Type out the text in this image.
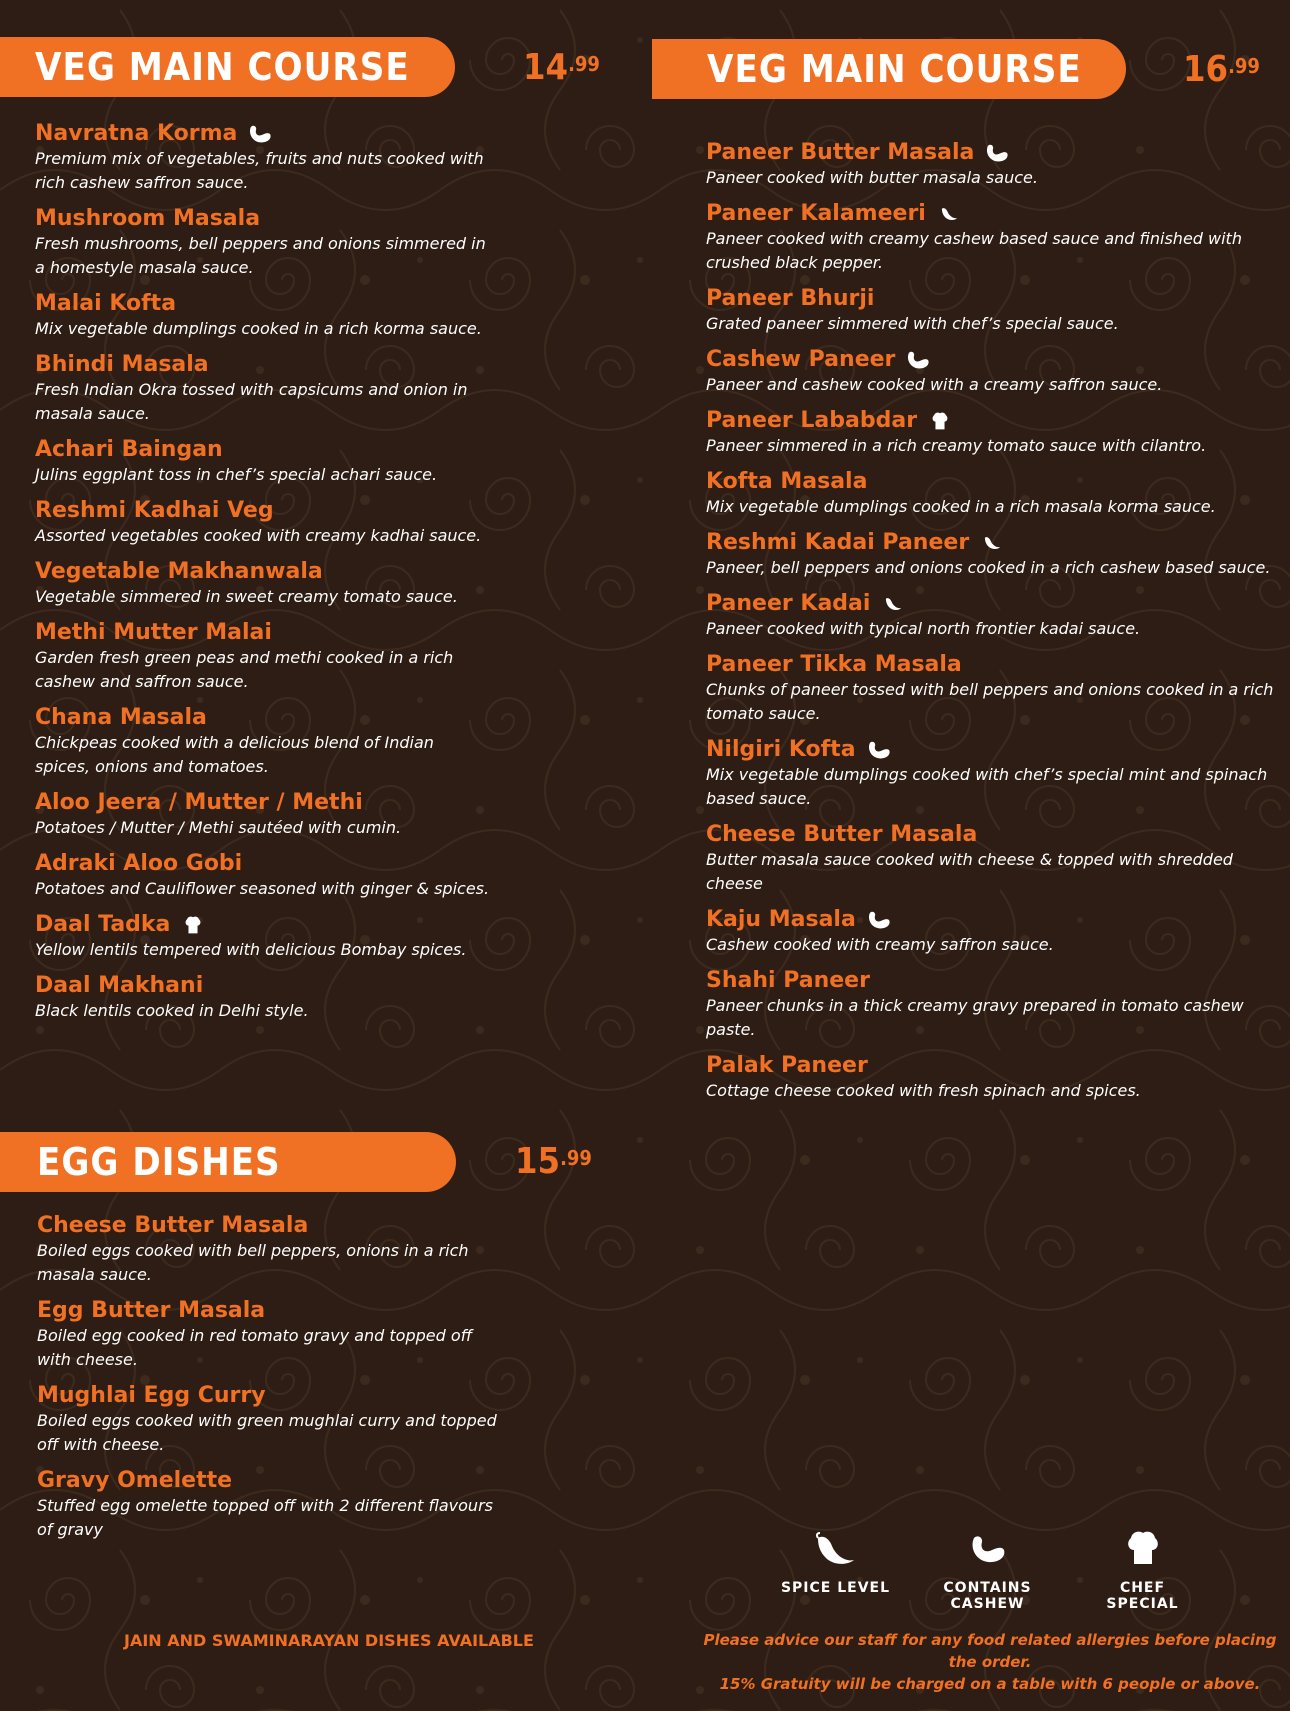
VEG MAIN COURSE	$14^{.99}$
Navratna Korma
Premium mix of vegetables, fruits and nuts cooked with rich cashew saffron sauce.
Mushroom Masala
Fresh mushrooms, bell peppers and onions simmered in a homestyle masala sauce.
Malai Kofta
Mix vegetable dumplings cooked in a rich korma sauce.
Bhindi Masala
Fresh Indian Okra tossed with capsicums and onion in masala sauce.
Achari Baingan
Julins eggplant toss in chef’s special achari sauce.
Reshmi Kadhai Veg
Assorted vegetables cooked with creamy kadhai sauce.
Vegetable Makhanwala
Vegetable simmered in sweet creamy tomato sauce.
Methi Mutter Malai
Garden fresh green peas and methi cooked in a rich cashew and saffron sauce.
Chana Masala
Chickpeas cooked with a delicious blend of Indian spices, onions and tomatoes.
Aloo Jeera / Mutter / Methi
Potatoes / Mutter / Methi sautéed with cumin.
Adraki Aloo Gobi
Potatoes and Cauliflower seasoned with ginger & spices.
Daal Tadka
Yellow lentils tempered with delicious Bombay spices.
Daal Makhani
Black lentils cooked in Delhi style.
VEG MAIN COURSE	$16^{.99}$
Paneer Butter Masala
Paneer cooked with butter masala sauce.
Paneer Kalameeri
Paneer cooked with creamy cashew based sauce and finished with crushed black pepper.
Paneer Bhurji
Grated paneer simmered with chef’s special sauce.
Cashew Paneer
Paneer and cashew cooked with a creamy saffron sauce.
Paneer Lababdar
Paneer simmered in a rich creamy tomato sauce with cilantro.
Kofta Masala
Mix vegetable dumplings cooked in a rich masala korma sauce.
Reshmi Kadai Paneer
Paneer, bell peppers and onions cooked in a rich cashew based sauce.
Paneer Kadai
Paneer cooked with typical north frontier kadai sauce.
Paneer Tikka Masala
Chunks of paneer tossed with bell peppers and onions cooked in a rich tomato sauce.
Nilgiri Kofta
Mix vegetable dumplings cooked with chef’s special mint and spinach based sauce.
Cheese Butter Masala
Butter masala sauce cooked with cheese & topped with shredded cheese
Kaju Masala
Cashew cooked with creamy saffron sauce.
Shahi Paneer
Paneer chunks in a thick creamy gravy prepared in tomato cashew paste.
Palak Paneer
Cottage cheese cooked with fresh spinach and spices.
EGG DISHES	$15^{.99}$
Cheese Butter Masala
Boiled eggs cooked with bell peppers, onions in a rich masala sauce.
Egg Butter Masala
Boiled egg cooked in red tomato gravy and topped off with cheese.
Mughlai Egg Curry
Boiled eggs cooked with green mughlai curry and topped off with cheese.
Gravy Omelette
Stuffed egg omelette topped off with 2 different flavours of gravy
SPICE LEVEL	CONTAINS CASHEW
CHEF SPECIAL
JAIN AND SWAMINARAYAN DISHES AVAILABLE	Please advice our staff for any food related allergies before placing the order.
15% Gratuity will be charged on a table with 6 people or above.
